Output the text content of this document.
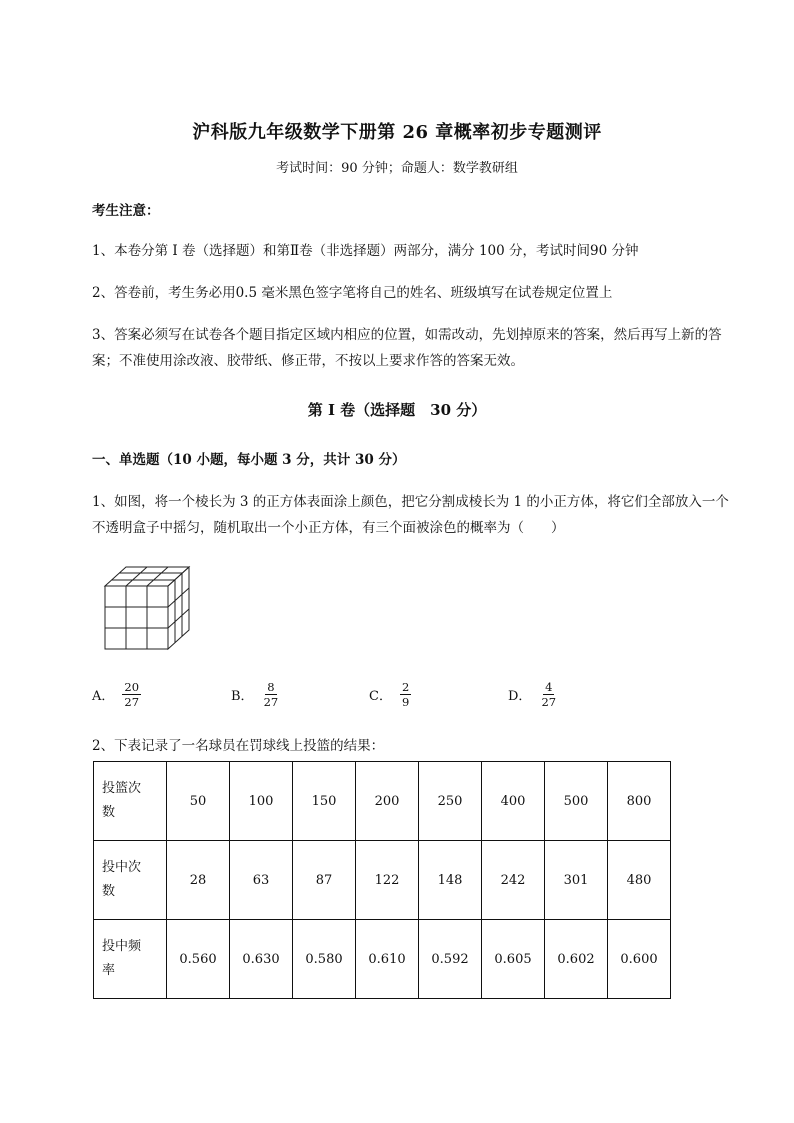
沪科版九年级数学下册第 26 章概率初步专题测评
考试时间：90 分钟；命题人：数学教研组
考生注意：
1、本卷分第 I 卷（选择题）和第Ⅱ卷（非选择题）两部分，满分 100 分，考试时间90 分钟
2、答卷前，考生务必用0.5 毫米黑色签字笔将自己的姓名、班级填写在试卷规定位置上
3、答案必须写在试卷各个题目指定区域内相应的位置，如需改动，先划掉原来的答案，然后再写上新的答案；不准使用涂改液、胶带纸、修正带，不按以上要求作答的答案无效。
第 I 卷（选择题　30 分）
一、单选题（10 小题，每小题 3 分，共计 30 分）
1、如图，将一个棱长为 3 的正方体表面涂上颜色，把它分割成棱长为 1 的小正方体，将它们全部放入一个不透明盒子中摇匀，随机取出一个小正方体，有三个面被涂色的概率为（　　）
A． $\frac{20}{27}$	B． $\frac{8}{27}$	C． $\frac{2}{9}$	D． $\frac{4}{27}$
2、下表记录了一名球员在罚球线上投篮的结果：
投篮次
数	50	100	150	200	250	400	500	800
投中次
数	28	63	87	122	148	242	301	480
投中频
率	0.560	0.630	0.580	0.610	0.592	0.605	0.602	0.600
